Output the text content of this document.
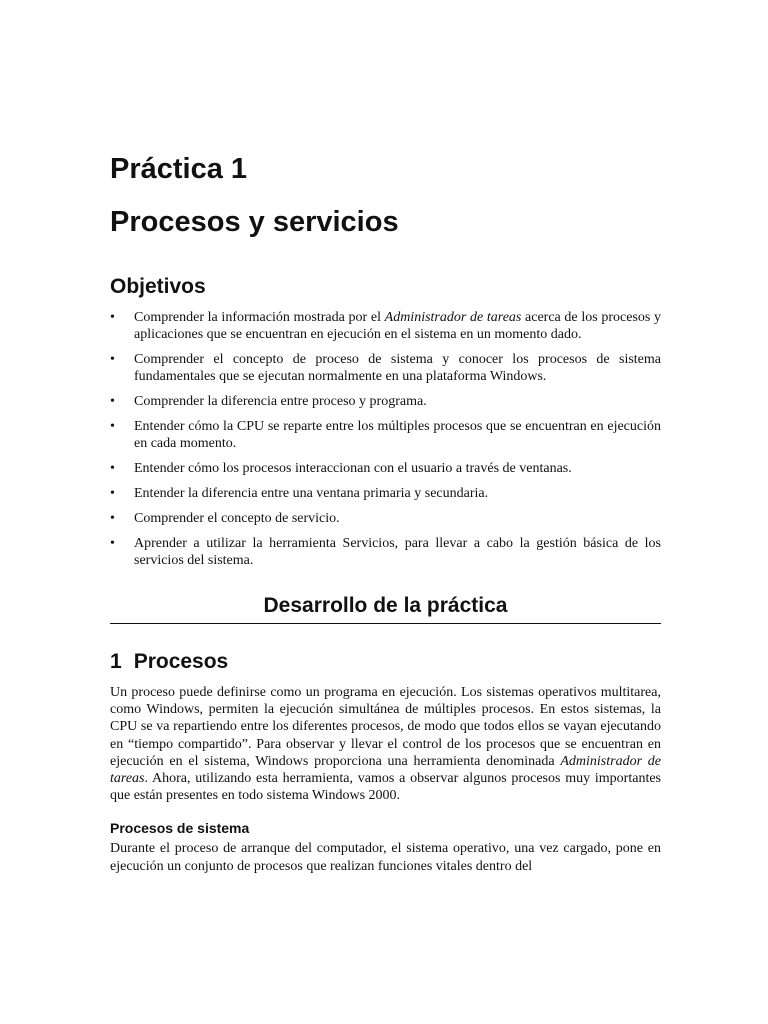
Práctica 1
Procesos y servicios
Objetivos
• Comprender la información mostrada por el Administrador de tareas acerca de los procesos y aplicaciones que se encuentran en ejecución en el sistema en un momento dado.
• Comprender el concepto de proceso de sistema y conocer los procesos de sistema fundamentales que se ejecutan normalmente en una plataforma Windows.
• Comprender la diferencia entre proceso y programa.
• Entender cómo la CPU se reparte entre los múltiples procesos que se encuentran en ejecución en cada momento.
• Entender cómo los procesos interaccionan con el usuario a través de ventanas.
• Entender la diferencia entre una ventana primaria y secundaria.
• Comprender el concepto de servicio.
• Aprender a utilizar la herramienta Servicios, para llevar a cabo la gestión básica de los servicios del sistema.
Desarrollo de la práctica
1 Procesos

Un proceso puede definirse como un programa en ejecución. Los sistemas operativos multitarea, como Windows, permiten la ejecución simultánea de múltiples procesos. En estos sistemas, la CPU se va repartiendo entre los diferentes procesos, de modo que todos ellos se vayan ejecutando en “tiempo compartido”. Para observar y llevar el control de los procesos que se encuentran en ejecución en el sistema, Windows proporciona una herramienta denominada Administrador de tareas. Ahora, utilizando esta herramienta, vamos a observar algunos procesos muy importantes que están presentes en todo sistema Windows 2000.

Procesos de sistema

Durante el proceso de arranque del computador, el sistema operativo, una vez cargado, pone en ejecución un conjunto de procesos que realizan funciones vitales dentro del
